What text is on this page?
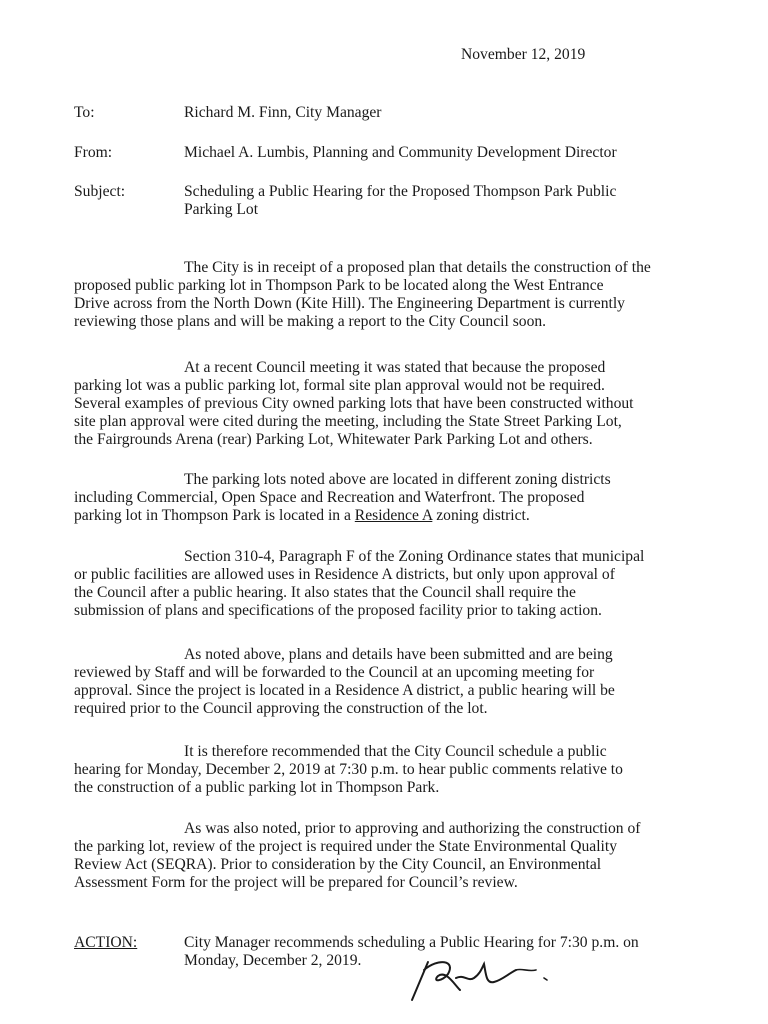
November 12, 2019
To:	Richard M. Finn, City Manager
From:	Michael A. Lumbis, Planning and Community Development Director
Subject:	Scheduling a Public Hearing for the Proposed Thompson Park Public
Parking Lot
The City is in receipt of a proposed plan that details the construction of the
proposed public parking lot in Thompson Park to be located along the West Entrance
Drive across from the North Down (Kite Hill). The Engineering Department is currently
reviewing those plans and will be making a report to the City Council soon.
At a recent Council meeting it was stated that because the proposed
parking lot was a public parking lot, formal site plan approval would not be required.
Several examples of previous City owned parking lots that have been constructed without
site plan approval were cited during the meeting, including the State Street Parking Lot,
the Fairgrounds Arena (rear) Parking Lot, Whitewater Park Parking Lot and others.
The parking lots noted above are located in different zoning districts
including Commercial, Open Space and Recreation and Waterfront. The proposed
parking lot in Thompson Park is located in a Residence A zoning district.
Section 310-4, Paragraph F of the Zoning Ordinance states that municipal
or public facilities are allowed uses in Residence A districts, but only upon approval of
the Council after a public hearing. It also states that the Council shall require the
submission of plans and specifications of the proposed facility prior to taking action.
As noted above, plans and details have been submitted and are being
reviewed by Staff and will be forwarded to the Council at an upcoming meeting for
approval. Since the project is located in a Residence A district, a public hearing will be
required prior to the Council approving the construction of the lot.
It is therefore recommended that the City Council schedule a public
hearing for Monday, December 2, 2019 at 7:30 p.m. to hear public comments relative to
the construction of a public parking lot in Thompson Park.
As was also noted, prior to approving and authorizing the construction of
the parking lot, review of the project is required under the State Environmental Quality
Review Act (SEQRA). Prior to consideration by the City Council, an Environmental
Assessment Form for the project will be prepared for Council’s review.
ACTION:	City Manager recommends scheduling a Public Hearing for 7:30 p.m. on
Monday, December 2, 2019.
